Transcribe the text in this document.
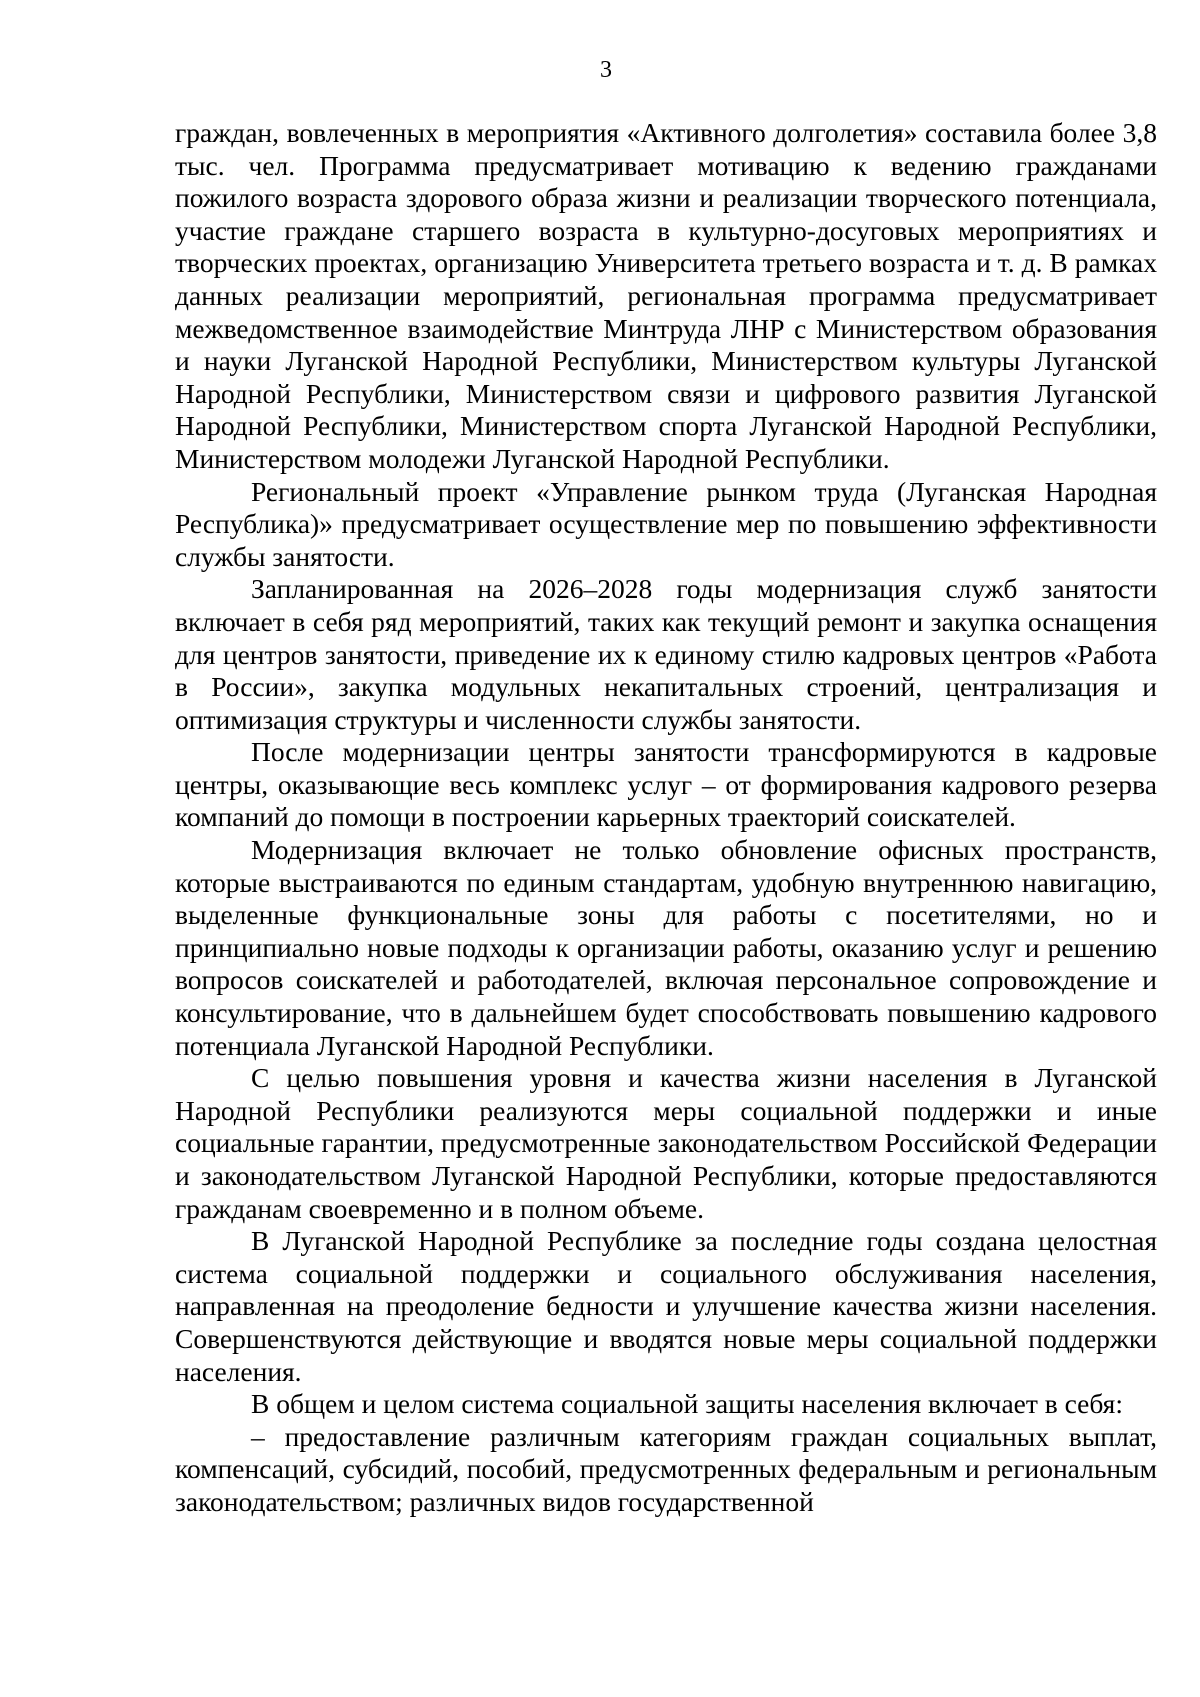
3

граждан, вовлеченных в мероприятия «Активного долголетия» составила более 3,8 тыс. чел. Программа предусматривает мотивацию к ведению гражданами пожилого возраста здорового образа жизни и реализации творческого потенциала, участие граждане старшего возраста в культурно-досуговых мероприятиях и творческих проектах, организацию Университета третьего возраста и т. д. В рамках данных реализации мероприятий, региональная программа предусматривает межведомственное взаимодействие Минтруда ЛНР с Министерством образования и науки Луганской Народной Республики, Министерством культуры Луганской Народной Республики, Министерством связи и цифрового развития Луганской Народной Республики, Министерством спорта Луганской Народной Республики, Министерством молодежи Луганской Народной Республики.

Региональный проект «Управление рынком труда (Луганская Народная Республика)» предусматривает осуществление мер по повышению эффективности службы занятости.

Запланированная на 2026–2028 годы модернизация служб занятости включает в себя ряд мероприятий, таких как текущий ремонт и закупка оснащения для центров занятости, приведение их к единому стилю кадровых центров «Работа в России», закупка модульных некапитальных строений, централизация и оптимизация структуры и численности службы занятости.

После модернизации центры занятости трансформируются в кадровые центры, оказывающие весь комплекс услуг – от формирования кадрового резерва компаний до помощи в построении карьерных траекторий соискателей.

Модернизация включает не только обновление офисных пространств, которые выстраиваются по единым стандартам, удобную внутреннюю навигацию, выделенные функциональные зоны для работы с посетителями, но и принципиально новые подходы к организации работы, оказанию услуг и решению вопросов соискателей и работодателей, включая персональное сопровождение и консультирование, что в дальнейшем будет способствовать повышению кадрового потенциала Луганской Народной Республики.

С целью повышения уровня и качества жизни населения в Луганской Народной Республики реализуются меры социальной поддержки и иные социальные гарантии, предусмотренные законодательством Российской Федерации и законодательством Луганской Народной Республики, которые предоставляются гражданам своевременно и в полном объеме.

В Луганской Народной Республике за последние годы создана целостная система социальной поддержки и социального обслуживания населения, направленная на преодоление бедности и улучшение качества жизни населения. Совершенствуются действующие и вводятся новые меры социальной поддержки населения.

В общем и целом система социальной защиты населения включает в себя:

– предоставление различным категориям граждан социальных выплат, компенсаций, субсидий, пособий, предусмотренных федеральным и региональным законодательством; различных видов государственной
